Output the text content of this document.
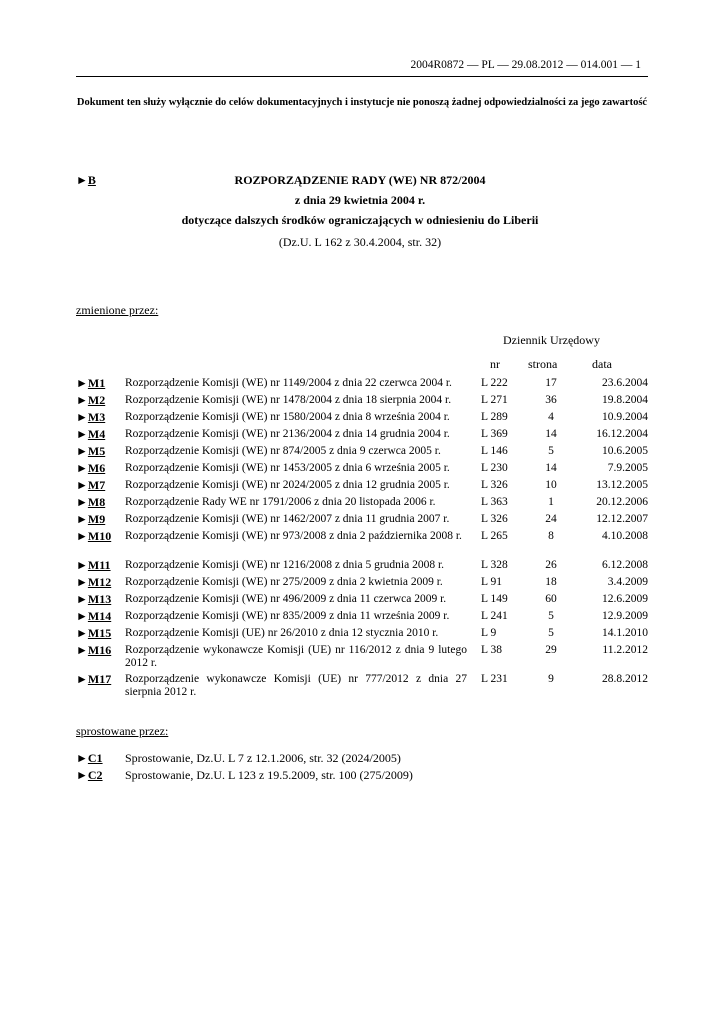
2004R0872 — PL — 29.08.2012 — 014.001 — 1
Dokument ten służy wyłącznie do celów dokumentacyjnych i instytucje nie ponoszą żadnej odpowiedzialności za jego zawartość
►B	ROZPORZĄDZENIE RADY (WE) NR 872/2004
z dnia 29 kwietnia 2004 r.
dotyczące dalszych środków ograniczających w odniesieniu do Liberii
(Dz.U. L 162 z 30.4.2004, str. 32)
zmienione przez:
Dziennik Urzędowy
nr strona	data
►M1 Rozporządzenie Komisji (WE) nr 1149/2004 z dnia 22 czerwca 2004 r.	L 222	17	23.6.2004
►M2 Rozporządzenie Komisji (WE) nr 1478/2004 z dnia 18 sierpnia 2004 r.	L 271	36	19.8.2004
►M3 Rozporządzenie Komisji (WE) nr 1580/2004 z dnia 8 września 2004 r.	L 289	4	10.9.2004
►M4 Rozporządzenie Komisji (WE) nr 2136/2004 z dnia 14 grudnia 2004 r.	L 369	14	16.12.2004
►M5 Rozporządzenie Komisji (WE) nr 874/2005 z dnia 9 czerwca 2005 r.	L 146	5	10.6.2005
►M6 Rozporządzenie Komisji (WE) nr 1453/2005 z dnia 6 września 2005 r.	L 230	14	7.9.2005
►M7 Rozporządzenie Komisji (WE) nr 2024/2005 z dnia 12 grudnia 2005 r.	L 326	10	13.12.2005
►M8 Rozporządzenie Rady WE nr 1791/2006 z dnia 20 listopada 2006 r.	L 363	1	20.12.2006
►M9 Rozporządzenie Komisji (WE) nr 1462/2007 z dnia 11 grudnia 2007 r.	L 326	24	12.12.2007
►M10 Rozporządzenie Komisji (WE) nr 973/2008 z dnia 2 października 2008 r.	L 265	8	4.10.2008
►M11 Rozporządzenie Komisji (WE) nr 1216/2008 z dnia 5 grudnia 2008 r.	L 328	26	6.12.2008
►M12 Rozporządzenie Komisji (WE) nr 275/2009 z dnia 2 kwietnia 2009 r.	L 91	18	3.4.2009
►M13 Rozporządzenie Komisji (WE) nr 496/2009 z dnia 11 czerwca 2009 r.	L 149	60	12.6.2009
►M14 Rozporządzenie Komisji (WE) nr 835/2009 z dnia 11 września 2009 r.	L 241	5	12.9.2009
►M15 Rozporządzenie Komisji (UE) nr 26/2010 z dnia 12 stycznia 2010 r.	L 9	5	14.1.2010
►M16 Rozporządzenie wykonawcze Komisji (UE) nr 116/2012 z dnia 9 lutego 2012 r.
L 38	29	11.2.2012
►M17 Rozporządzenie wykonawcze Komisji (UE) nr 777/2012 z dnia 27 sierpnia 2012 r.
L 231	9	28.8.2012
sprostowane przez:
►C1 Sprostowanie, Dz.U. L 7 z 12.1.2006, str. 32 (2024/2005)
►C2 Sprostowanie, Dz.U. L 123 z 19.5.2009, str. 100 (275/2009)
